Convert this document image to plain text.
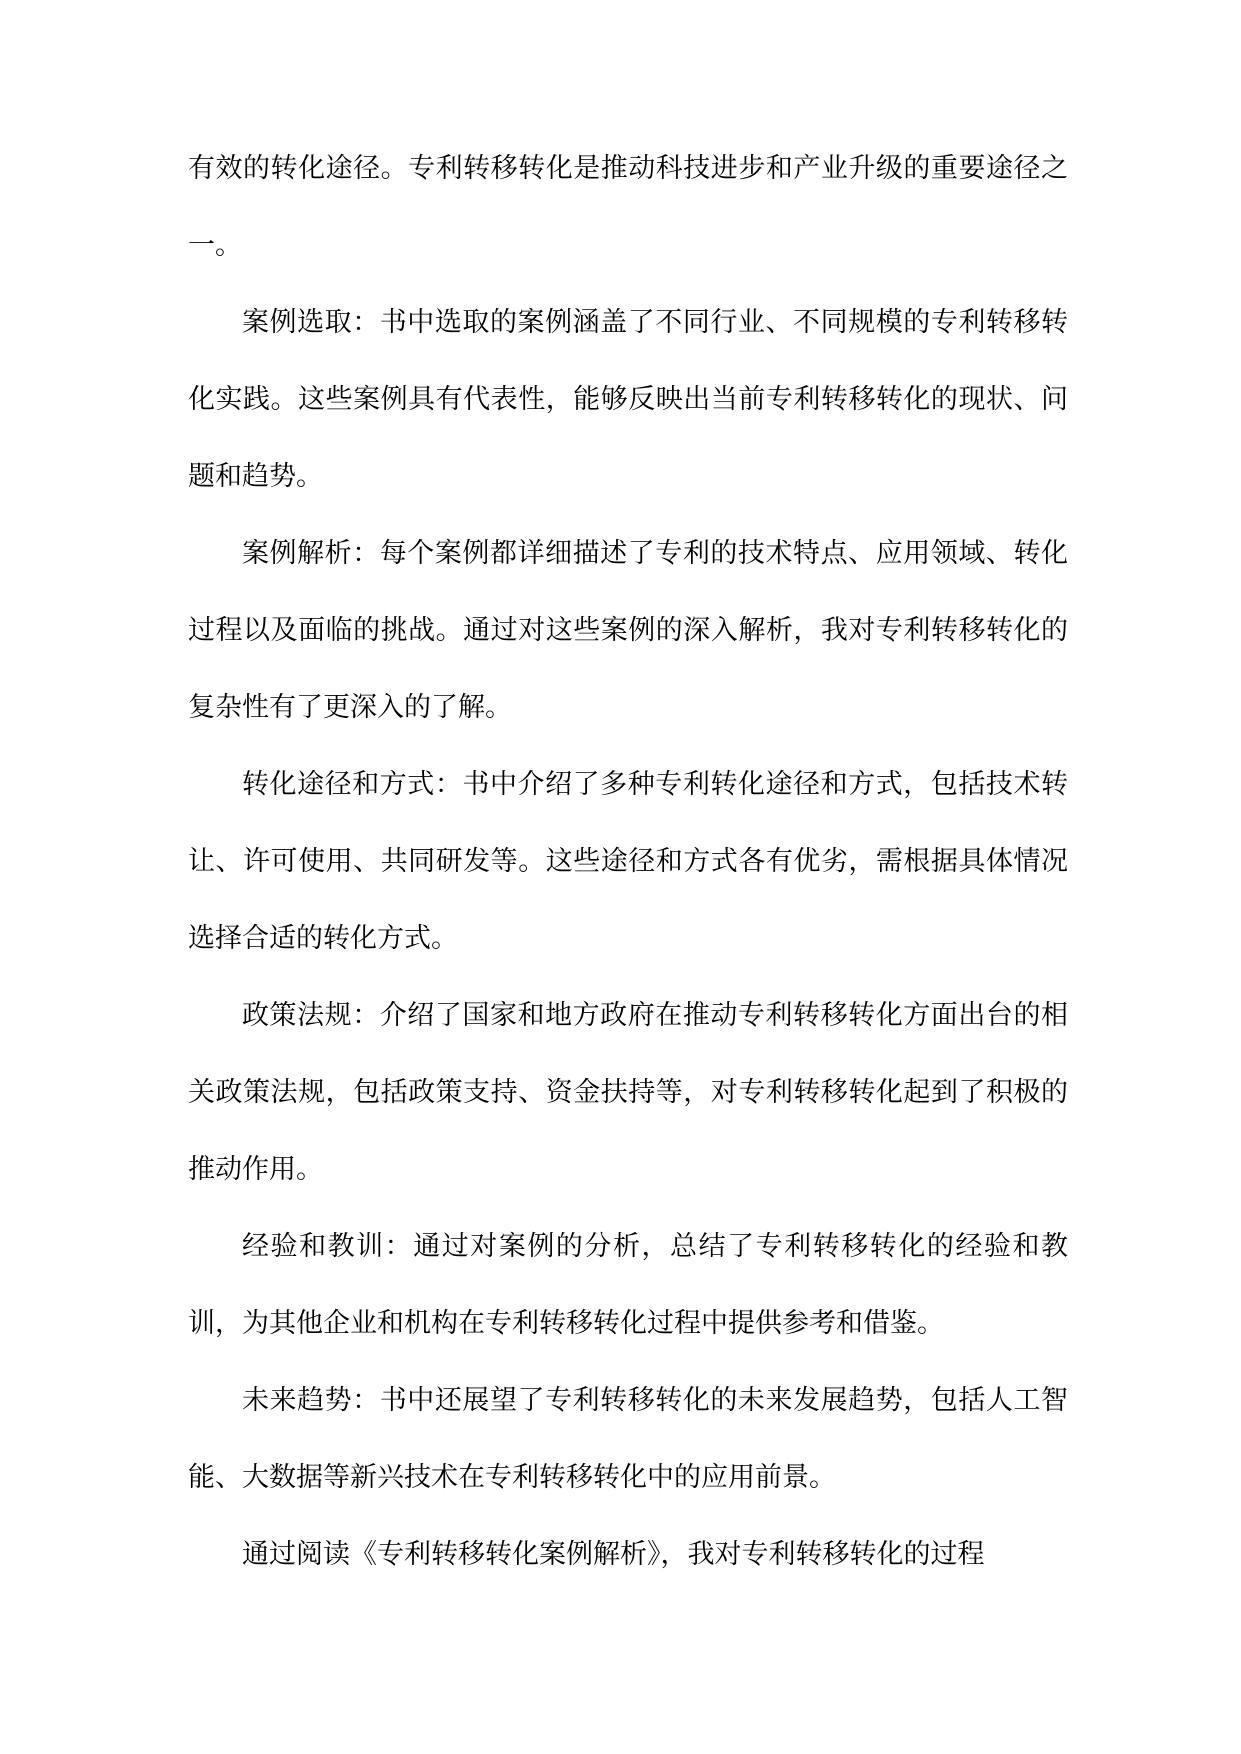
有效的转化途径。专利转移转化是推动科技进步和产业升级的重要途径之一。

案例选取：书中选取的案例涵盖了不同行业、不同规模的专利转移转化实践。这些案例具有代表性，能够反映出当前专利转移转化的现状、问题和趋势。

案例解析：每个案例都详细描述了专利的技术特点、应用领域、转化过程以及面临的挑战。通过对这些案例的深入解析，我对专利转移转化的复杂性有了更深入的了解。

转化途径和方式：书中介绍了多种专利转化途径和方式，包括技术转让、许可使用、共同研发等。这些途径和方式各有优劣，需根据具体情况选择合适的转化方式。

政策法规：介绍了国家和地方政府在推动专利转移转化方面出台的相关政策法规，包括政策支持、资金扶持等，对专利转移转化起到了积极的推动作用。

经验和教训：通过对案例的分析，总结了专利转移转化的经验和教训，为其他企业和机构在专利转移转化过程中提供参考和借鉴。

未来趋势：书中还展望了专利转移转化的未来发展趋势，包括人工智能、大数据等新兴技术在专利转移转化中的应用前景。

通过阅读《专利转移转化案例解析》，我对专利转移转化的过程
